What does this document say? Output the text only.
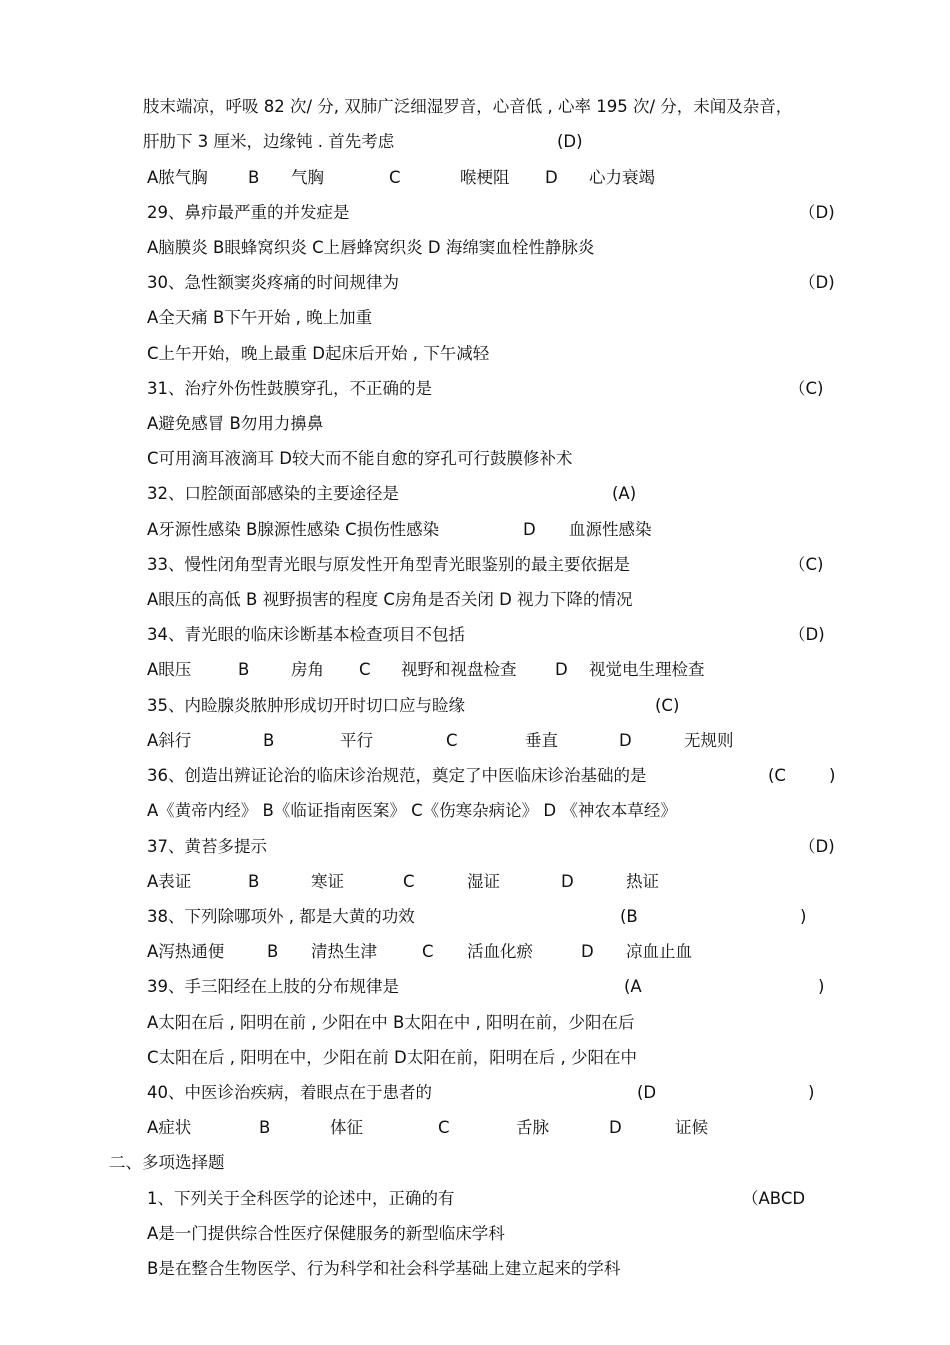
肢末端凉，呼吸 82 次/ 分, 双肺广泛细湿罗音，心音低 , 心率 195 次/ 分，未闻及杂音，
肝肋下 3 厘米，边缘钝 . 首先考虑	(D)
A脓气胸 B 气胸	C	喉梗阻 D 心力衰竭
29、鼻疖最严重的并发症是	（D)
A脑膜炎 B眼蜂窝织炎 C上唇蜂窝织炎 D 海绵窦血栓性静脉炎
30、急性额窦炎疼痛的时间规律为	（D)
A全天痛 B下午开始 , 晚上加重
C上午开始，晚上最重 D起床后开始 , 下午减轻
31、治疗外伤性鼓膜穿孔，不正确的是	（C)
A避免感冒 B勿用力擤鼻
C可用滴耳液滴耳 D较大而不能自愈的穿孔可行鼓膜修补术
32、口腔颌面部感染的主要途径是	(A)
A牙源性感染 B腺源性感染 C损伤性感染	D 血源性感染
33、慢性闭角型青光眼与原发性开角型青光眼鉴别的最主要依据是	（C)
A眼压的高低 B 视野损害的程度 C房角是否关闭 D 视力下降的情况
34、青光眼的临床诊断基本检查项目不包括	（D)
A眼压	B	房角 C 视野和视盘检查 D 视觉电生理检查
35、内睑腺炎脓肿形成切开时切口应与睑缘	(C)
A斜行	B	平行	C	垂直	D	无规则
36、创造出辨证论治的临床诊治规范，奠定了中医临床诊治基础的是	(C	)
A《黄帝内经》 B《临证指南医案》 C《伤寒杂病论》 D 《神农本草经》
37、黄苔多提示	（D)
A表证	B	寒证	C	湿证	D	热证
38、下列除哪项外 , 都是大黄的功效	(B	)
A泻热通便	B 清热生津	C 活血化瘀	D 凉血止血
39、手三阳经在上肢的分布规律是	(A	)
A太阳在后 , 阳明在前 , 少阳在中 B太阳在中 , 阳明在前，少阳在后
C太阳在后 , 阳明在中，少阳在前 D太阳在前，阳明在后 , 少阳在中
40、中医诊治疾病，着眼点在于患者的	(D	)
A症状	B	体征	C	舌脉	D	证候
二、多项选择题
1、下列关于全科医学的论述中，正确的有	（ABCD
A是一门提供综合性医疗保健服务的新型临床学科
B是在整合生物医学、行为科学和社会科学基础上建立起来的学科
